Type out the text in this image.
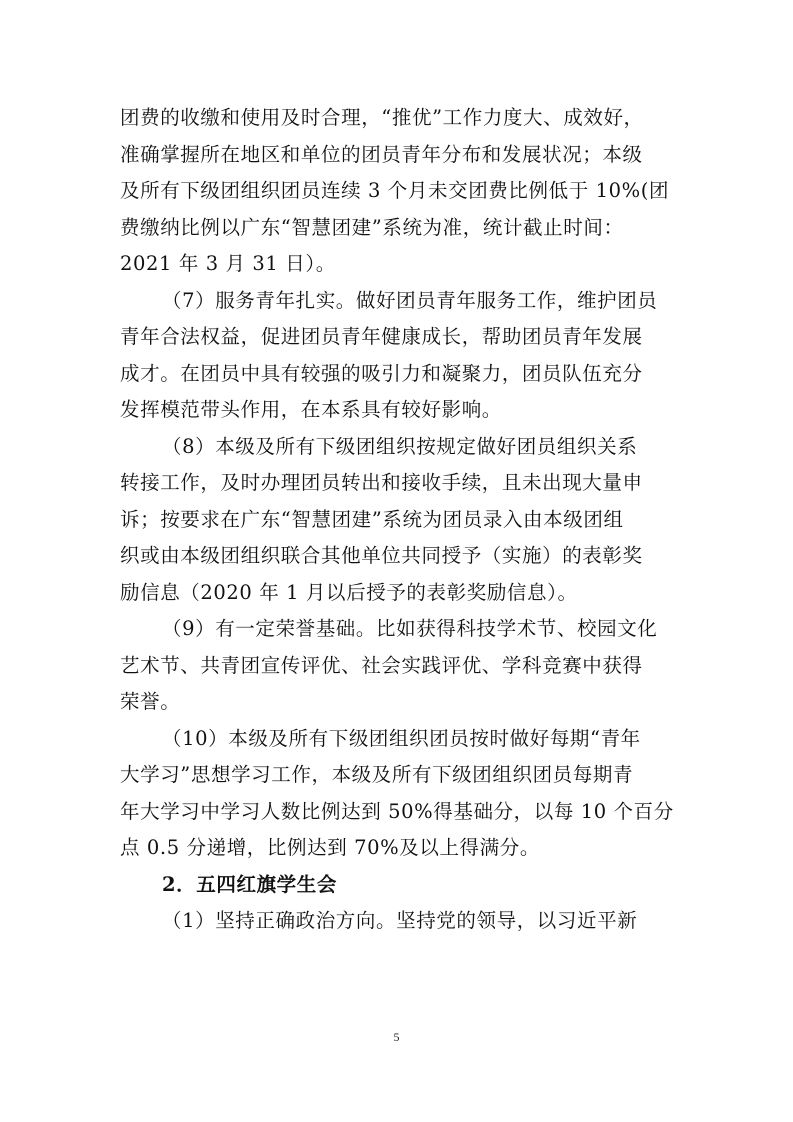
团费的收缴和使用及时合理，“推优”工作力度大、成效好，
准确掌握所在地区和单位的团员青年分布和发展状况；本级
及所有下级团组织团员连续 3 个月未交团费比例低于 10%(团
费缴纳比例以广东“智慧团建”系统为准，统计截止时间：
2021 年 3 月 31 日）。
（7）服务青年扎实。做好团员青年服务工作，维护团员
青年合法权益，促进团员青年健康成长，帮助团员青年发展
成才。在团员中具有较强的吸引力和凝聚力，团员队伍充分
发挥模范带头作用，在本系具有较好影响。
（8）本级及所有下级团组织按规定做好团员组织关系
转接工作，及时办理团员转出和接收手续，且未出现大量申
诉；按要求在广东“智慧团建”系统为团员录入由本级团组
织或由本级团组织联合其他单位共同授予（实施）的表彰奖
励信息（2020 年 1 月以后授予的表彰奖励信息）。
（9）有一定荣誉基础。比如获得科技学术节、校园文化
艺术节、共青团宣传评优、社会实践评优、学科竞赛中获得
荣誉。
（10）本级及所有下级团组织团员按时做好每期“青年
大学习”思想学习工作，本级及所有下级团组织团员每期青
年大学习中学习人数比例达到 50%得基础分，以每 10 个百分
点 0.5 分递增，比例达到 70%及以上得满分。
2．五四红旗学生会
（1）坚持正确政治方向。坚持党的领导，以习近平新
5
